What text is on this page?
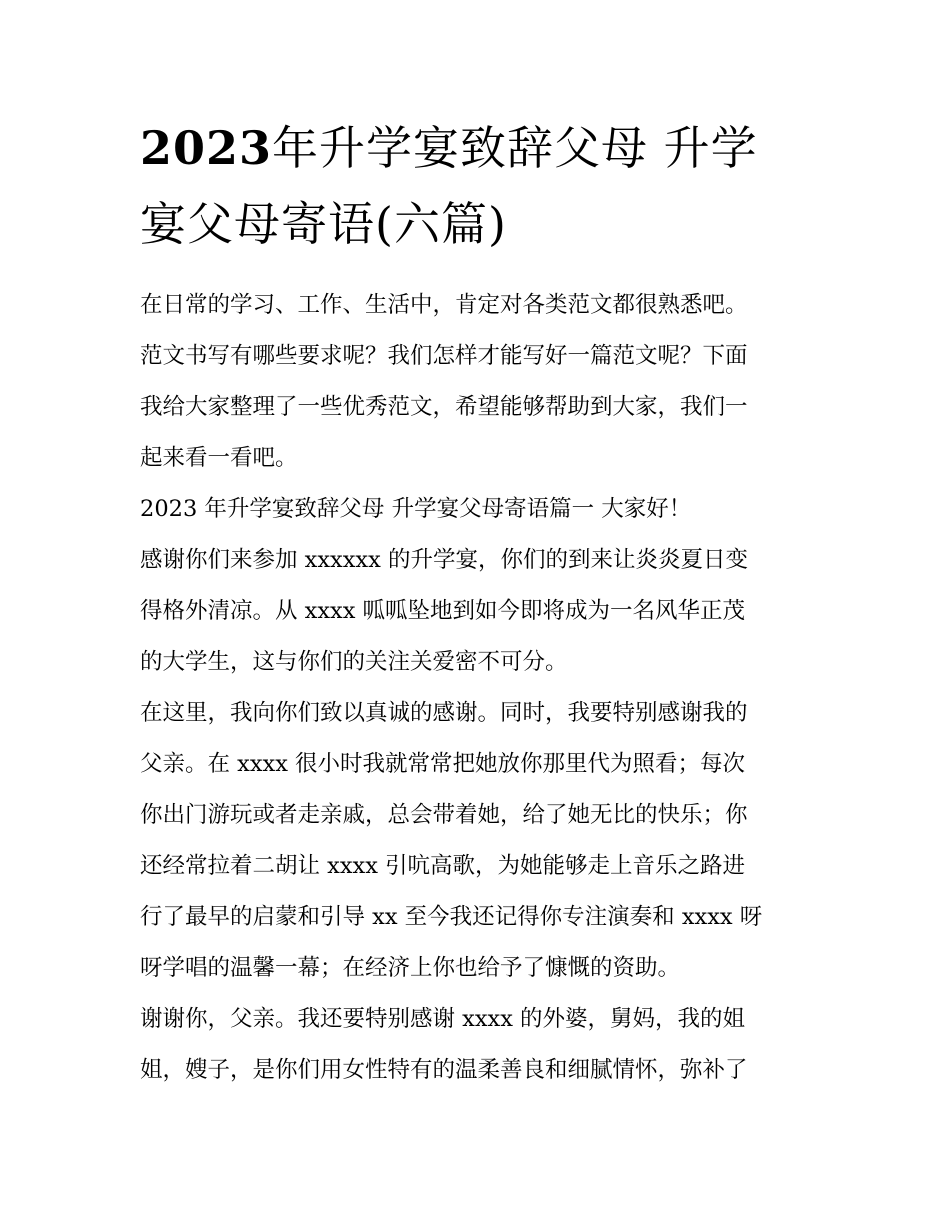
2023年升学宴致辞父母 升学
宴父母寄语(六篇)
在日常的学习、工作、生活中，肯定对各类范文都很熟悉吧。
范文书写有哪些要求呢？我们怎样才能写好一篇范文呢？下面
我给大家整理了一些优秀范文，希望能够帮助到大家，我们一
起来看一看吧。
2023 年升学宴致辞父母 升学宴父母寄语篇一 大家好！
感谢你们来参加 xxxxxx 的升学宴，你们的到来让炎炎夏日变
得格外清凉。从 xxxx 呱呱坠地到如今即将成为一名风华正茂
的大学生，这与你们的关注关爱密不可分。
在这里，我向你们致以真诚的感谢。同时，我要特别感谢我的
父亲。在 xxxx 很小时我就常常把她放你那里代为照看；每次
你出门游玩或者走亲戚，总会带着她，给了她无比的快乐；你
还经常拉着二胡让 xxxx 引吭高歌，为她能够走上音乐之路进
行了最早的启蒙和引导 xx 至今我还记得你专注演奏和 xxxx 呀
呀学唱的温馨一幕；在经济上你也给予了慷慨的资助。
谢谢你，父亲。我还要特别感谢 xxxx 的外婆，舅妈，我的姐
姐，嫂子，是你们用女性特有的温柔善良和细腻情怀，弥补了
